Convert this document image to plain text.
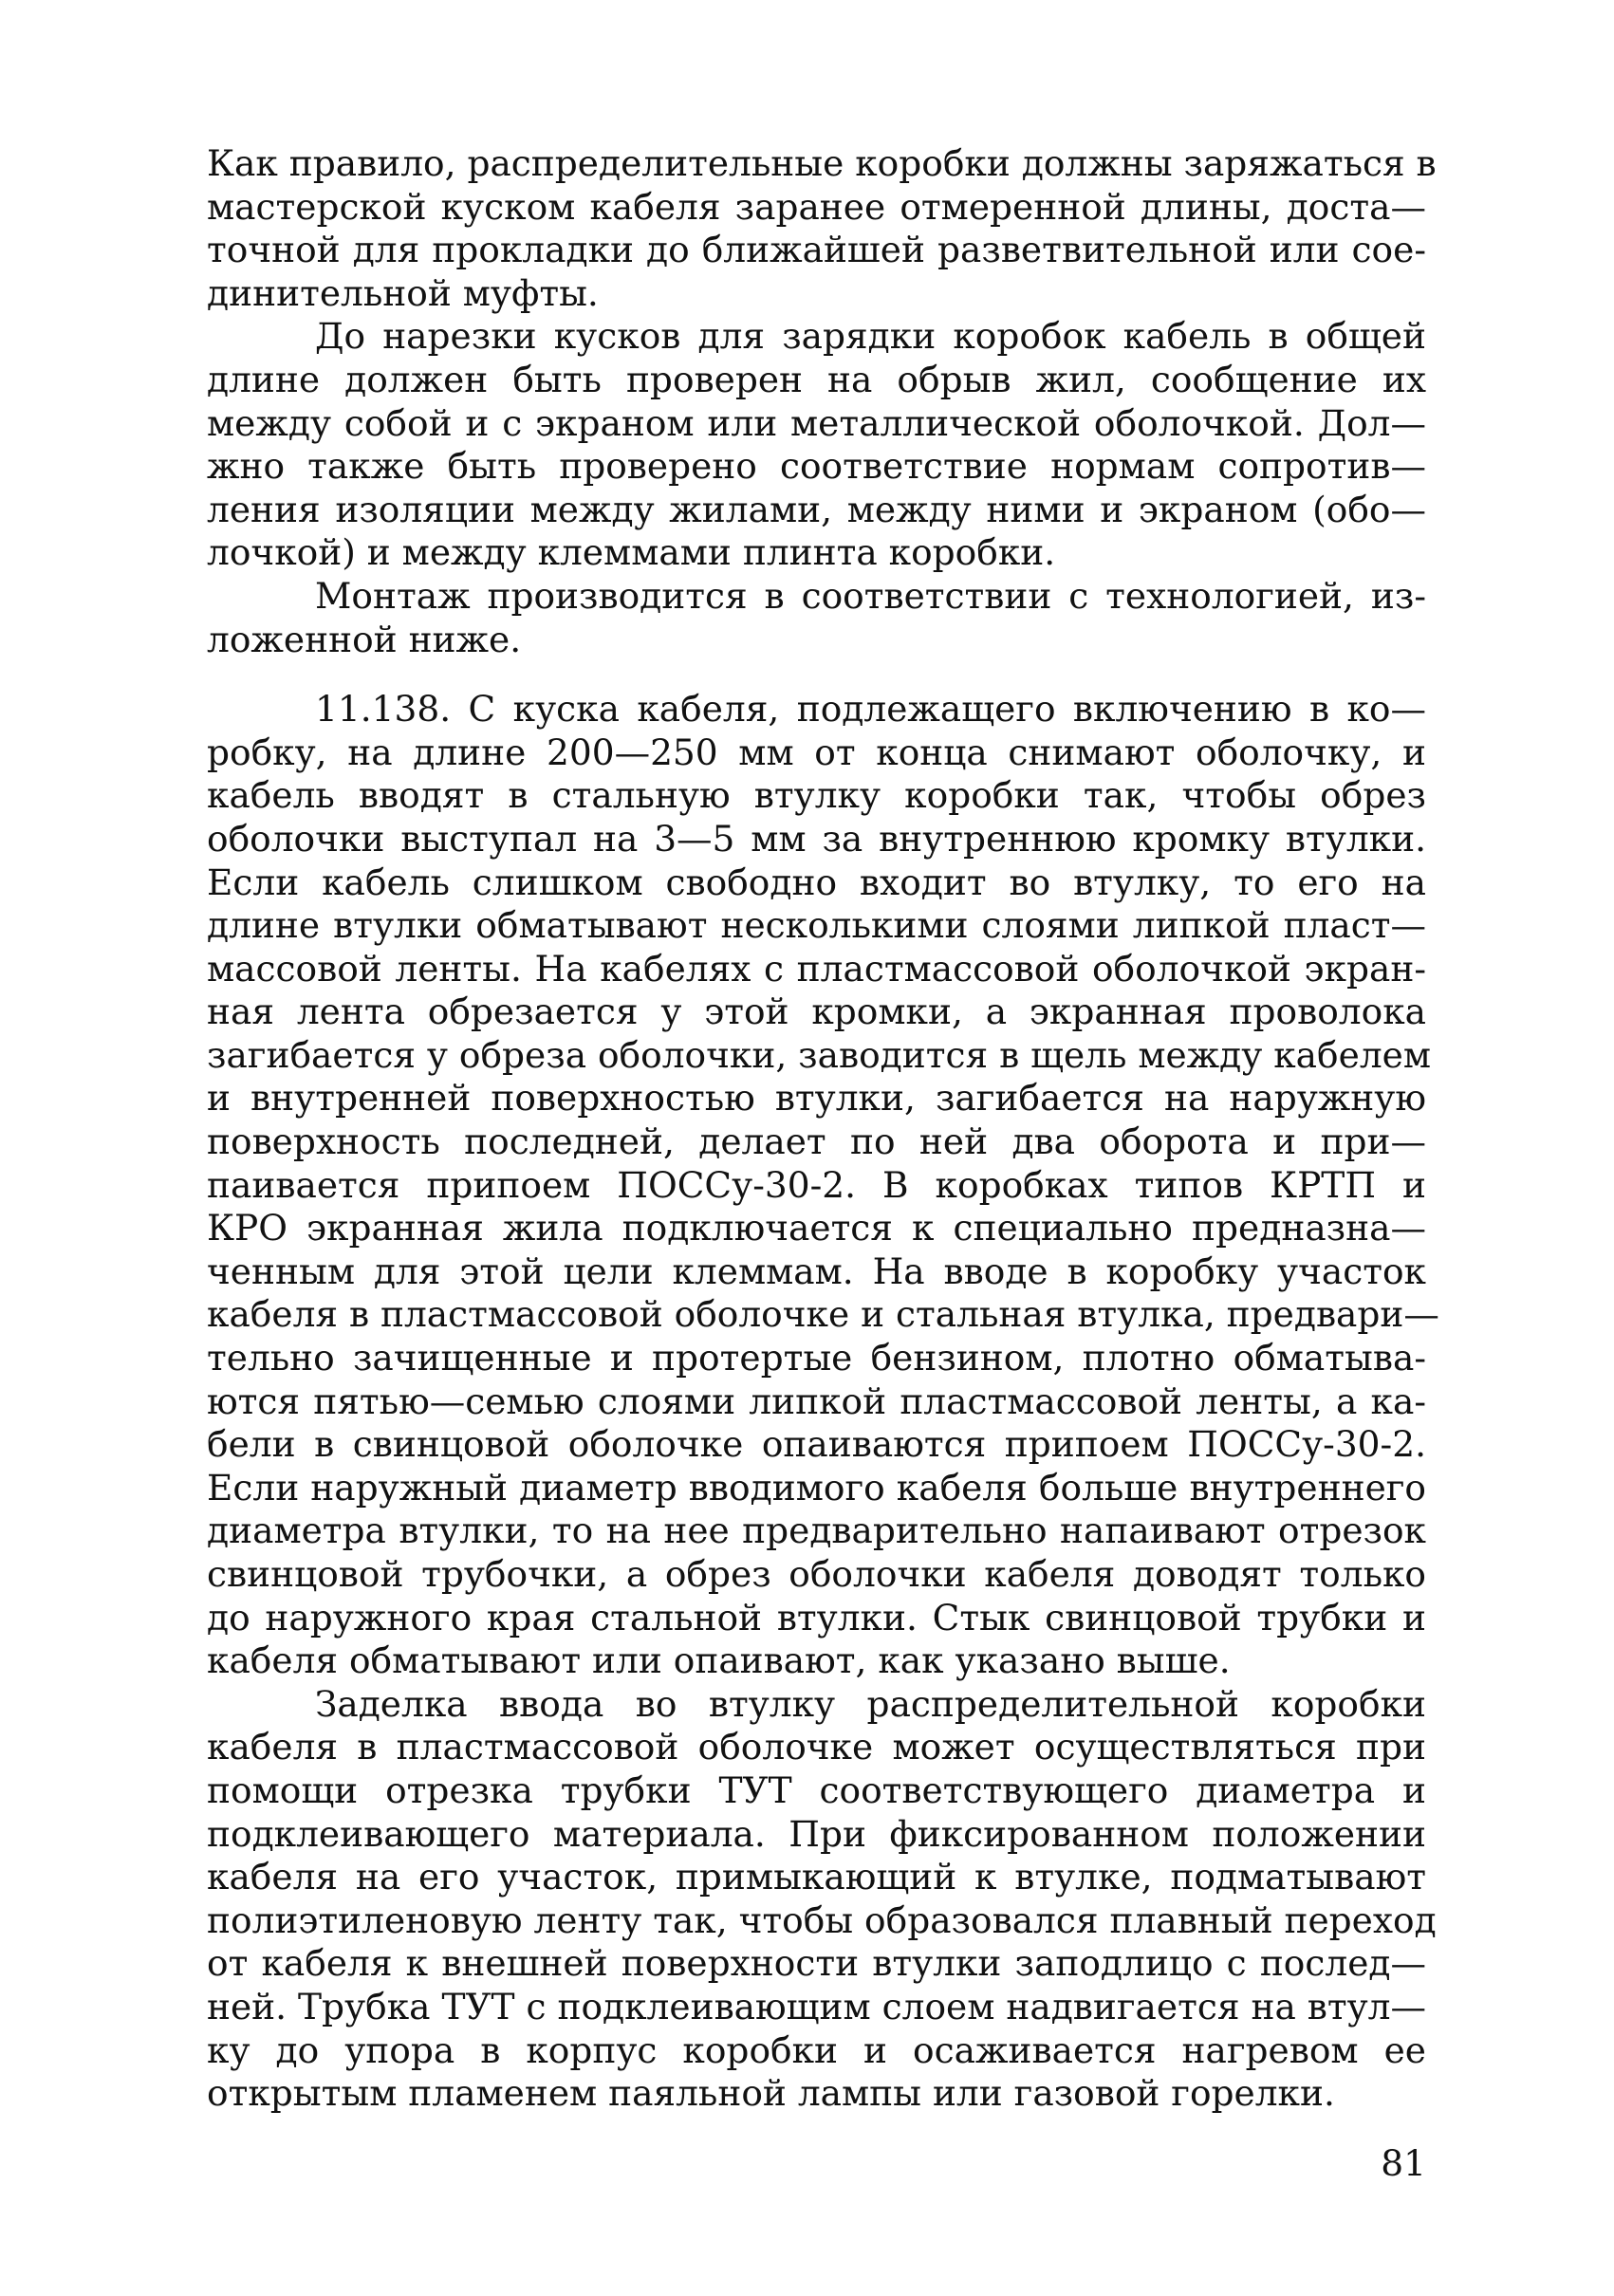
Как правило, распределительные коробки должны заряжаться в
мастерской куском кабеля заранее отмеренной длины, доста—
точной для прокладки до ближайшей разветвительной или сое-
динительной муфты.
До нарезки кусков для зарядки коробок кабель в общей
длине должен быть проверен на обрыв жил, сообщение их
между собой и с экраном или металлической оболочкой. Дол—
жно также быть проверено соответствие нормам сопротив—
ления изоляции между жилами, между ними и экраном (обо—
лочкой) и между клеммами плинта коробки.
Монтаж производится в соответствии с технологией, из-
ложенной ниже.
11.138. С куска кабеля, подлежащего включению в ко—
робку, на длине 200—250 мм от конца снимают оболочку, и
кабель вводят в стальную втулку коробки так, чтобы обрез
оболочки выступал на 3—5 мм за внутреннюю кромку втулки.
Если кабель слишком свободно входит во втулку, то его на
длине втулки обматывают несколькими слоями липкой пласт—
массовой ленты. На кабелях с пластмассовой оболочкой экран-
ная лента обрезается у этой кромки, а экранная проволока
загибается у обреза оболочки, заводится в щель между кабелем
и внутренней поверхностью втулки, загибается на наружную
поверхность последней, делает по ней два оборота и при—
паивается припоем ПОССу-30-2. В коробках типов КРТП и
КРО экранная жила подключается к специально предназна—
ченным для этой цели клеммам. На вводе в коробку участок
кабеля в пластмассовой оболочке и стальная втулка, предвари—
тельно зачищенные и протертые бензином, плотно обматыва-
ются пятью—семью слоями липкой пластмассовой ленты, а ка-
бели в свинцовой оболочке опаиваются припоем ПОССу-30-2.
Если наружный диаметр вводимого кабеля больше внутреннего
диаметра втулки, то на нее предварительно напаивают отрезок
свинцовой трубочки, а обрез оболочки кабеля доводят только
до наружного края стальной втулки. Стык свинцовой трубки и
кабеля обматывают или опаивают, как указано выше.
Заделка ввода во втулку распределительной коробки
кабеля в пластмассовой оболочке может осуществляться при
помощи отрезка трубки ТУТ соответствующего диаметра и
подклеивающего материала. При фиксированном положении
кабеля на его участок, примыкающий к втулке, подматывают
полиэтиленовую ленту так, чтобы образовался плавный переход
от кабеля к внешней поверхности втулки заподлицо с послед—
ней. Трубка ТУТ с подклеивающим слоем надвигается на втул—
ку до упора в корпус коробки и осаживается нагревом ее
открытым пламенем паяльной лампы или газовой горелки.
81
